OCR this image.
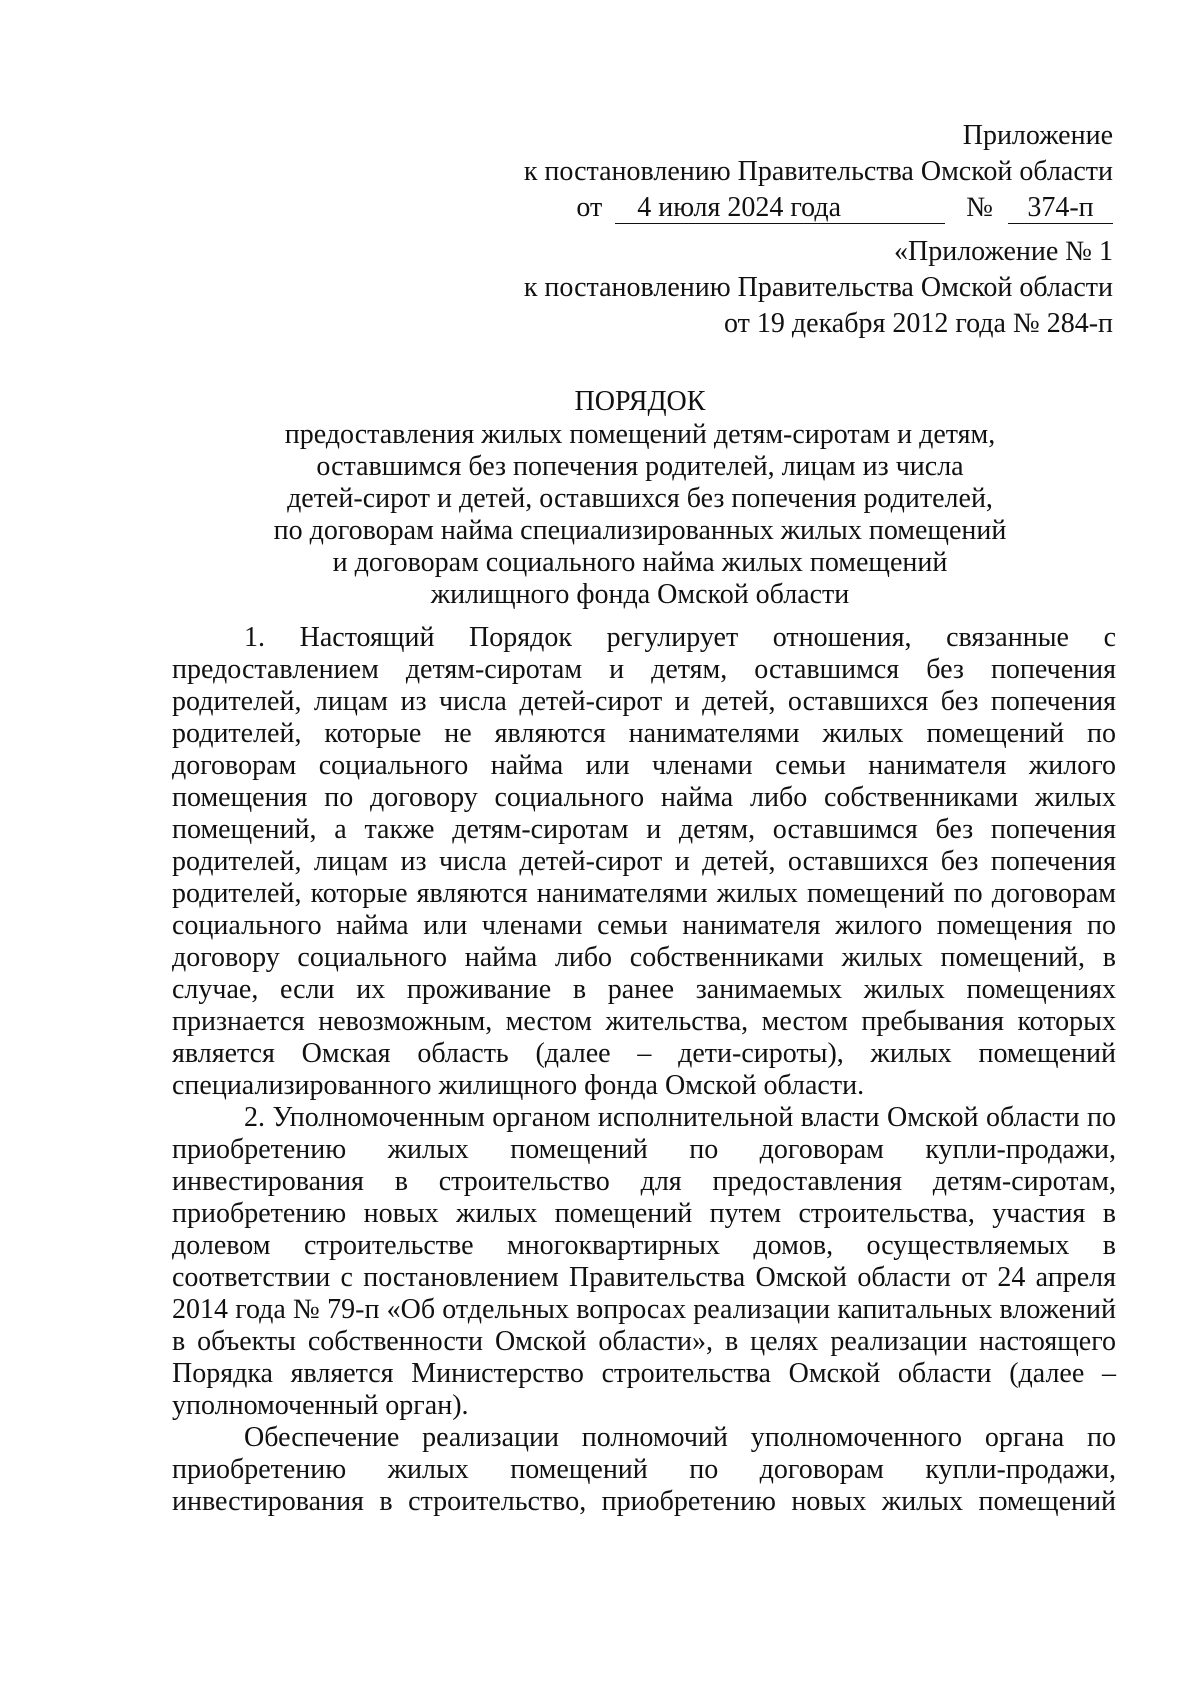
Приложение
к постановлению Правительства Омской области
от 4 июля 2024 года	№ 374-п
«Приложение № 1
к постановлению Правительства Омской области
от 19 декабря 2012 года № 284-п

ПОРЯДОК

предоставления жилых помещений детям-сиротам и детям,

оставшимся без попечения родителей, лицам из числа

детей-сирот и детей, оставшихся без попечения родителей,

по договорам найма специализированных жилых помещений

и договорам социального найма жилых помещений

жилищного фонда Омской области

1. Настоящий Порядок регулирует отношения, связанные с предоставлением детям-сиротам и детям, оставшимся без попечения родителей, лицам из числа детей-сирот и детей, оставшихся без попечения родителей, которые не являются нанимателями жилых помещений по договорам социального найма или членами семьи нанимателя жилого помещения по договору социального найма либо собственниками жилых помещений, а также детям-сиротам и детям, оставшимся без попечения родителей, лицам из числа детей-сирот и детей, оставшихся без попечения родителей, которые являются нанимателями жилых помещений по договорам социального найма или членами семьи нанимателя жилого помещения по договору социального найма либо собственниками жилых помещений, в случае, если их проживание в ранее занимаемых жилых помещениях признается невозможным, местом жительства, местом пребывания которых является Омская область (далее – дети-сироты), жилых помещений специализированного жилищного фонда Омской области.

2. Уполномоченным органом исполнительной власти Омской области по приобретению жилых помещений по договорам купли-продажи, инвестирования в строительство для предоставления детям-сиротам, приобретению новых жилых помещений путем строительства, участия в долевом строительстве многоквартирных домов, осуществляемых в соответствии с постановлением Правительства Омской области от 24 апреля 2014 года № 79-п «Об отдельных вопросах реализации капитальных вложений в объекты собственности Омской области», в целях реализации настоящего Порядка является Министерство строительства Омской области (далее – уполномоченный орган).

Обеспечение реализации полномочий уполномоченного органа по приобретению жилых помещений по договорам купли-продажи, инвестирования в строительство, приобретению новых жилых помещений
